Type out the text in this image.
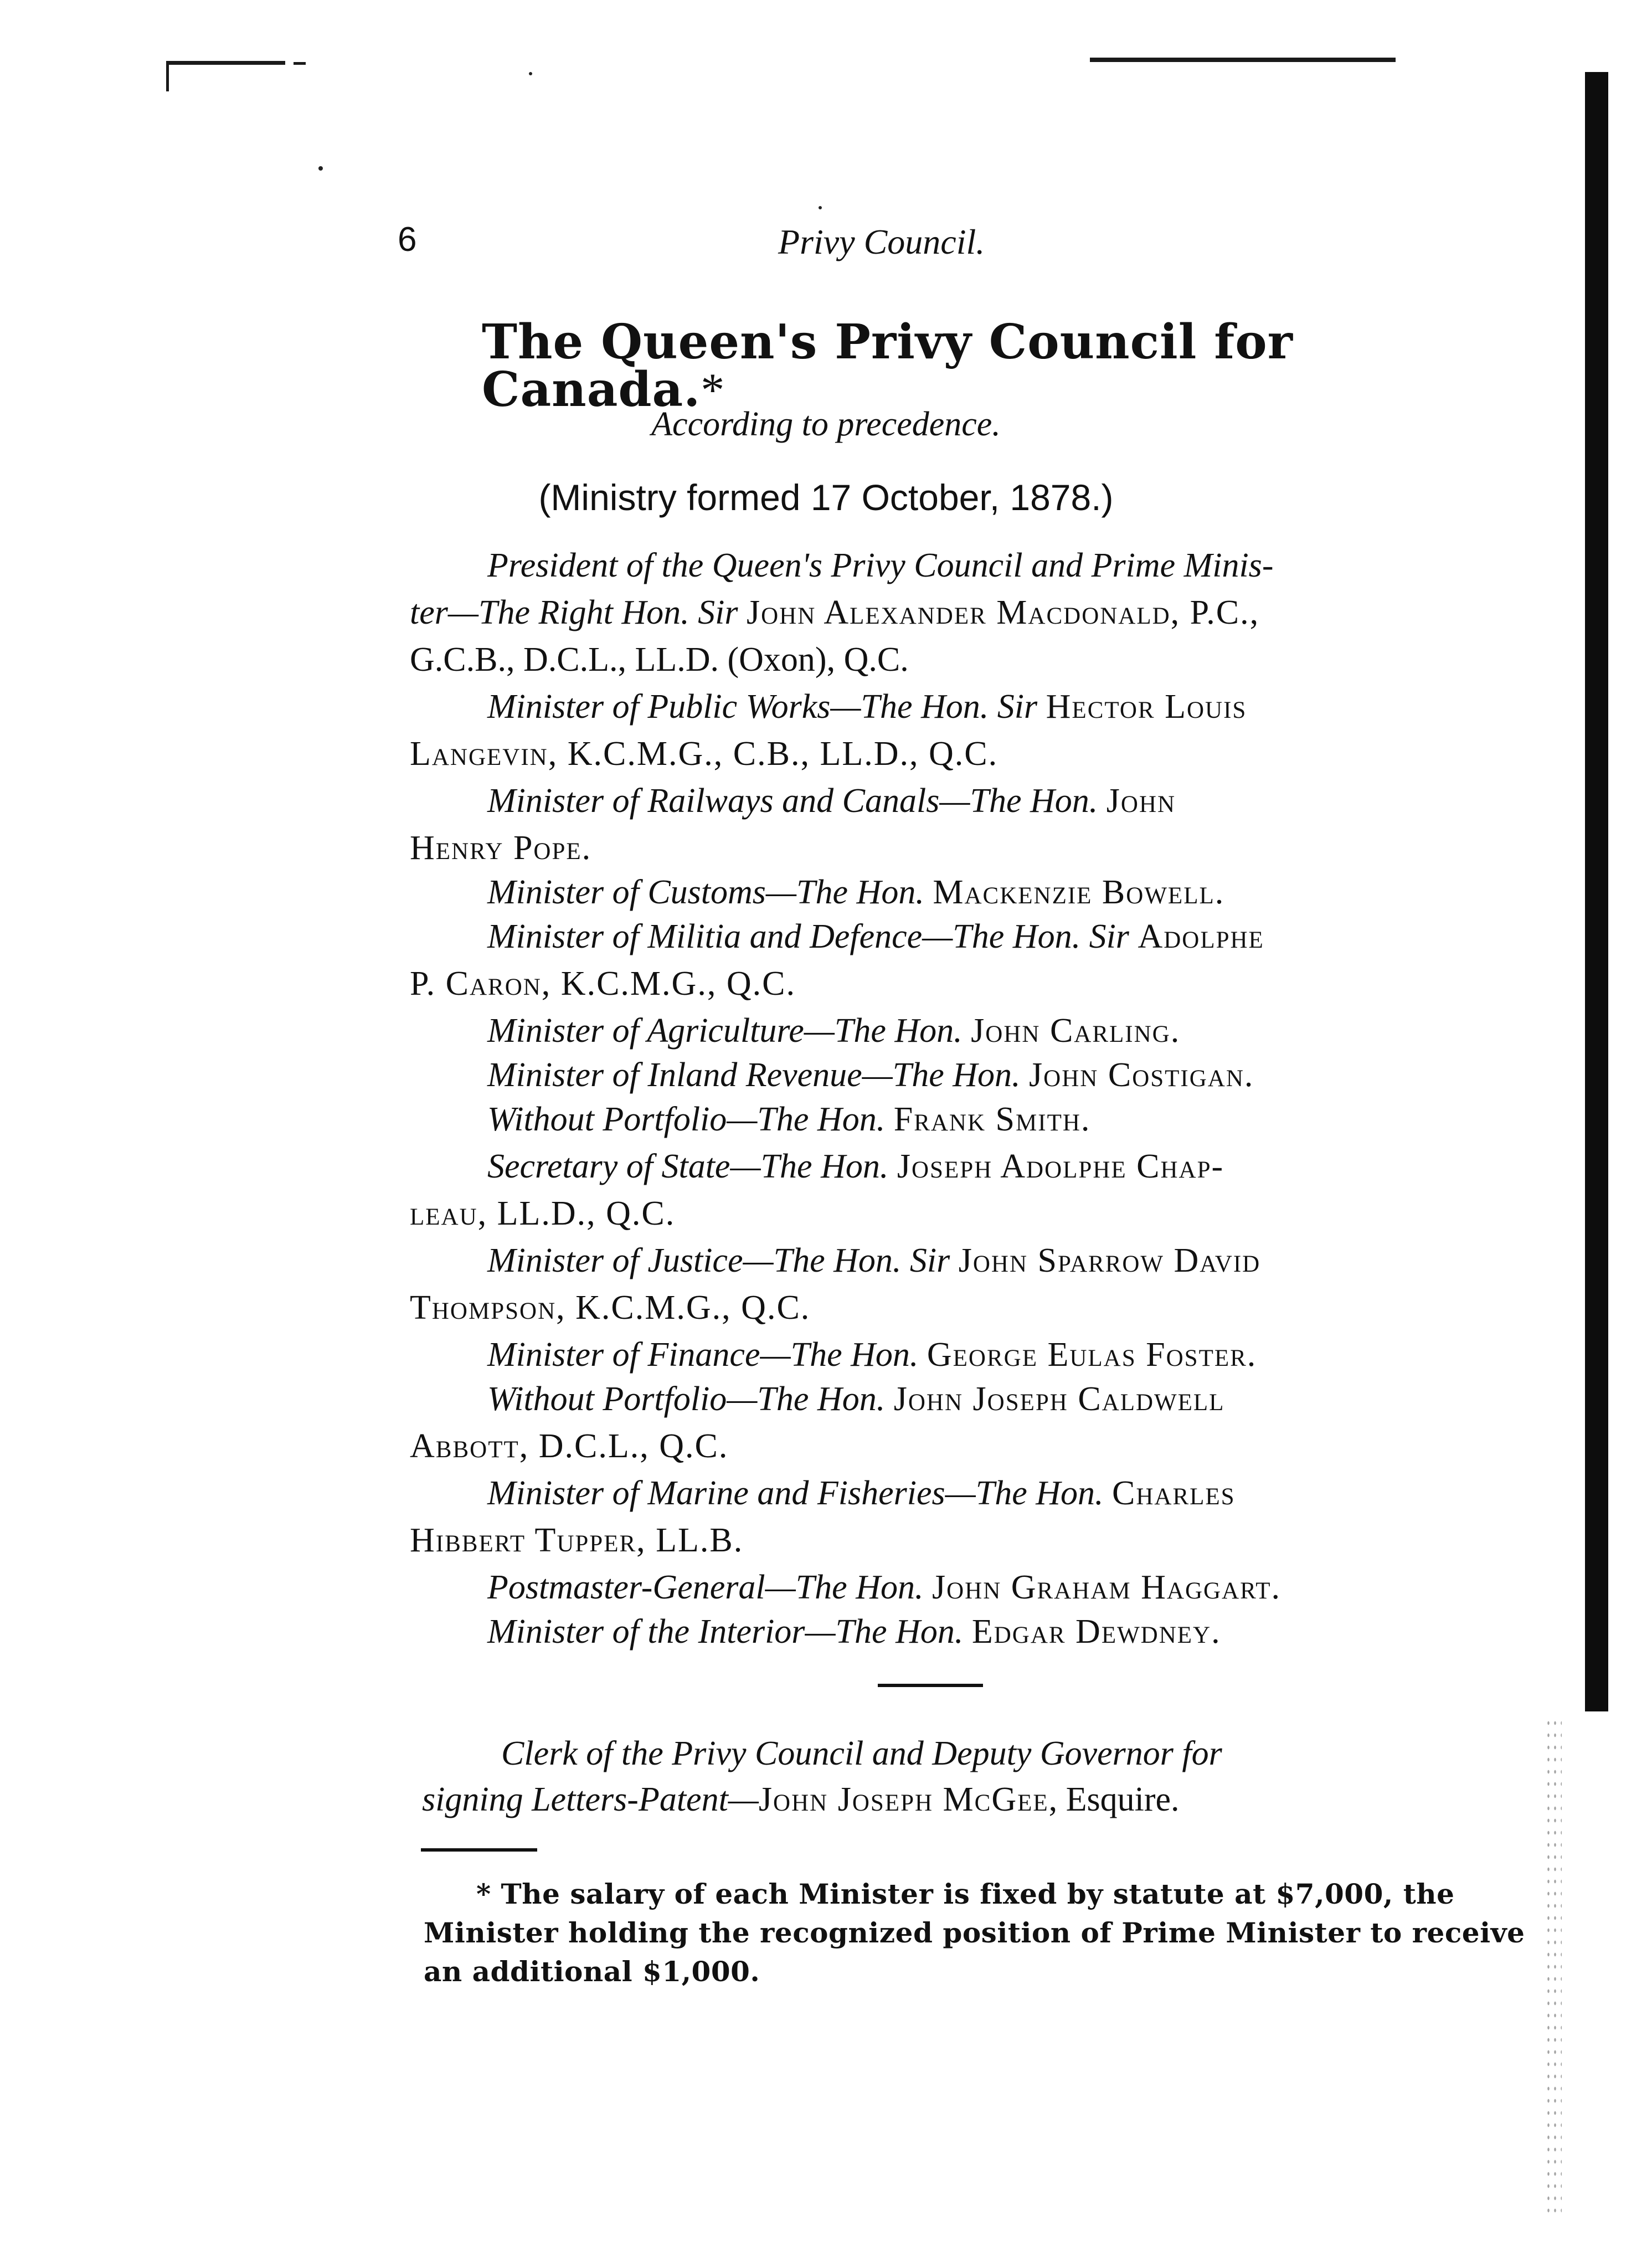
6	Privy Council.
The Queen's Privy Council for Canada.*
According to precedence.
(Ministry formed 17 October, 1878.)
President of the Queen's Privy Council and Prime Minis-
ter—The Right Hon. Sir John Alexander Macdonald, P.C.,
G.C.B., D.C.L., LL.D. (Oxon), Q.C.
Minister of Public Works—The Hon. Sir Hector Louis
Langevin, K.C.M.G., C.B., LL.D., Q.C.
Minister of Railways and Canals—The Hon. John
Henry Pope.
Minister of Customs—The Hon. Mackenzie Bowell.
Minister of Militia and Defence—The Hon. Sir Adolphe
P. Caron, K.C.M.G., Q.C.
Minister of Agriculture—The Hon. John Carling.
Minister of Inland Revenue—The Hon. John Costigan.
Without Portfolio—The Hon. Frank Smith.
Secretary of State—The Hon. Joseph Adolphe Chap-
leau, LL.D., Q.C.
Minister of Justice—The Hon. Sir John Sparrow David
Thompson, K.C.M.G., Q.C.
Minister of Finance—The Hon. George Eulas Foster.
Without Portfolio—The Hon. John Joseph Caldwell
Abbott, D.C.L., Q.C.
Minister of Marine and Fisheries—The Hon. Charles
Hibbert Tupper, LL.B.
Postmaster-General—The Hon. John Graham Haggart.
Minister of the Interior—The Hon. Edgar Dewdney.
Clerk of the Privy Council and Deputy Governor for
signing Letters-Patent—John Joseph McGee, Esquire.
* The salary of each Minister is fixed by statute at $7,000, the
Minister holding the recognized position of Prime Minister to receive
an additional $1,000.
